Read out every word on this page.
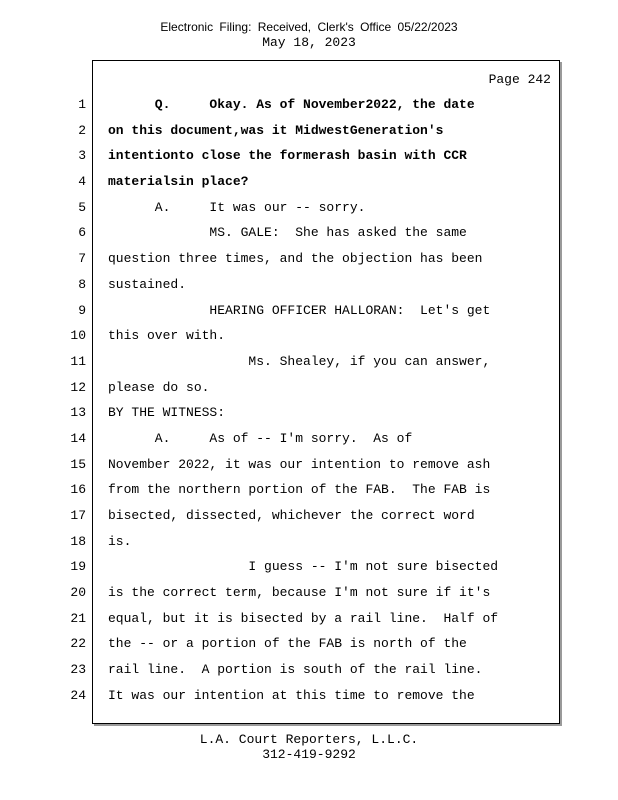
Electronic Filing: Received, Clerk's Office 05/22/2023
May 18, 2023
Page 242
1
2
3
4
5
6
7
8
9
10
11
12
13
14
15
16
17
18
19
20
21
22
23
24
Q.     Okay. As of November2022, the date
on this document,was it MidwestGeneration's
intentionto close the formerash basin with CCR
materialsin place?
A.     It was our -- sorry.
MS. GALE:  She has asked the same
question three times, and the objection has been
sustained.
HEARING OFFICER HALLORAN:  Let's get
this over with.
Ms. Shealey, if you can answer,
please do so.
BY THE WITNESS:
A.     As of -- I'm sorry.  As of
November 2022, it was our intention to remove ash
from the northern portion of the FAB.  The FAB is
bisected, dissected, whichever the correct word
is.
I guess -- I'm not sure bisected
is the correct term, because I'm not sure if it's
equal, but it is bisected by a rail line.  Half of
the -- or a portion of the FAB is north of the
rail line.  A portion is south of the rail line.
It was our intention at this time to remove the
L.A. Court Reporters, L.L.C.
312-419-9292
